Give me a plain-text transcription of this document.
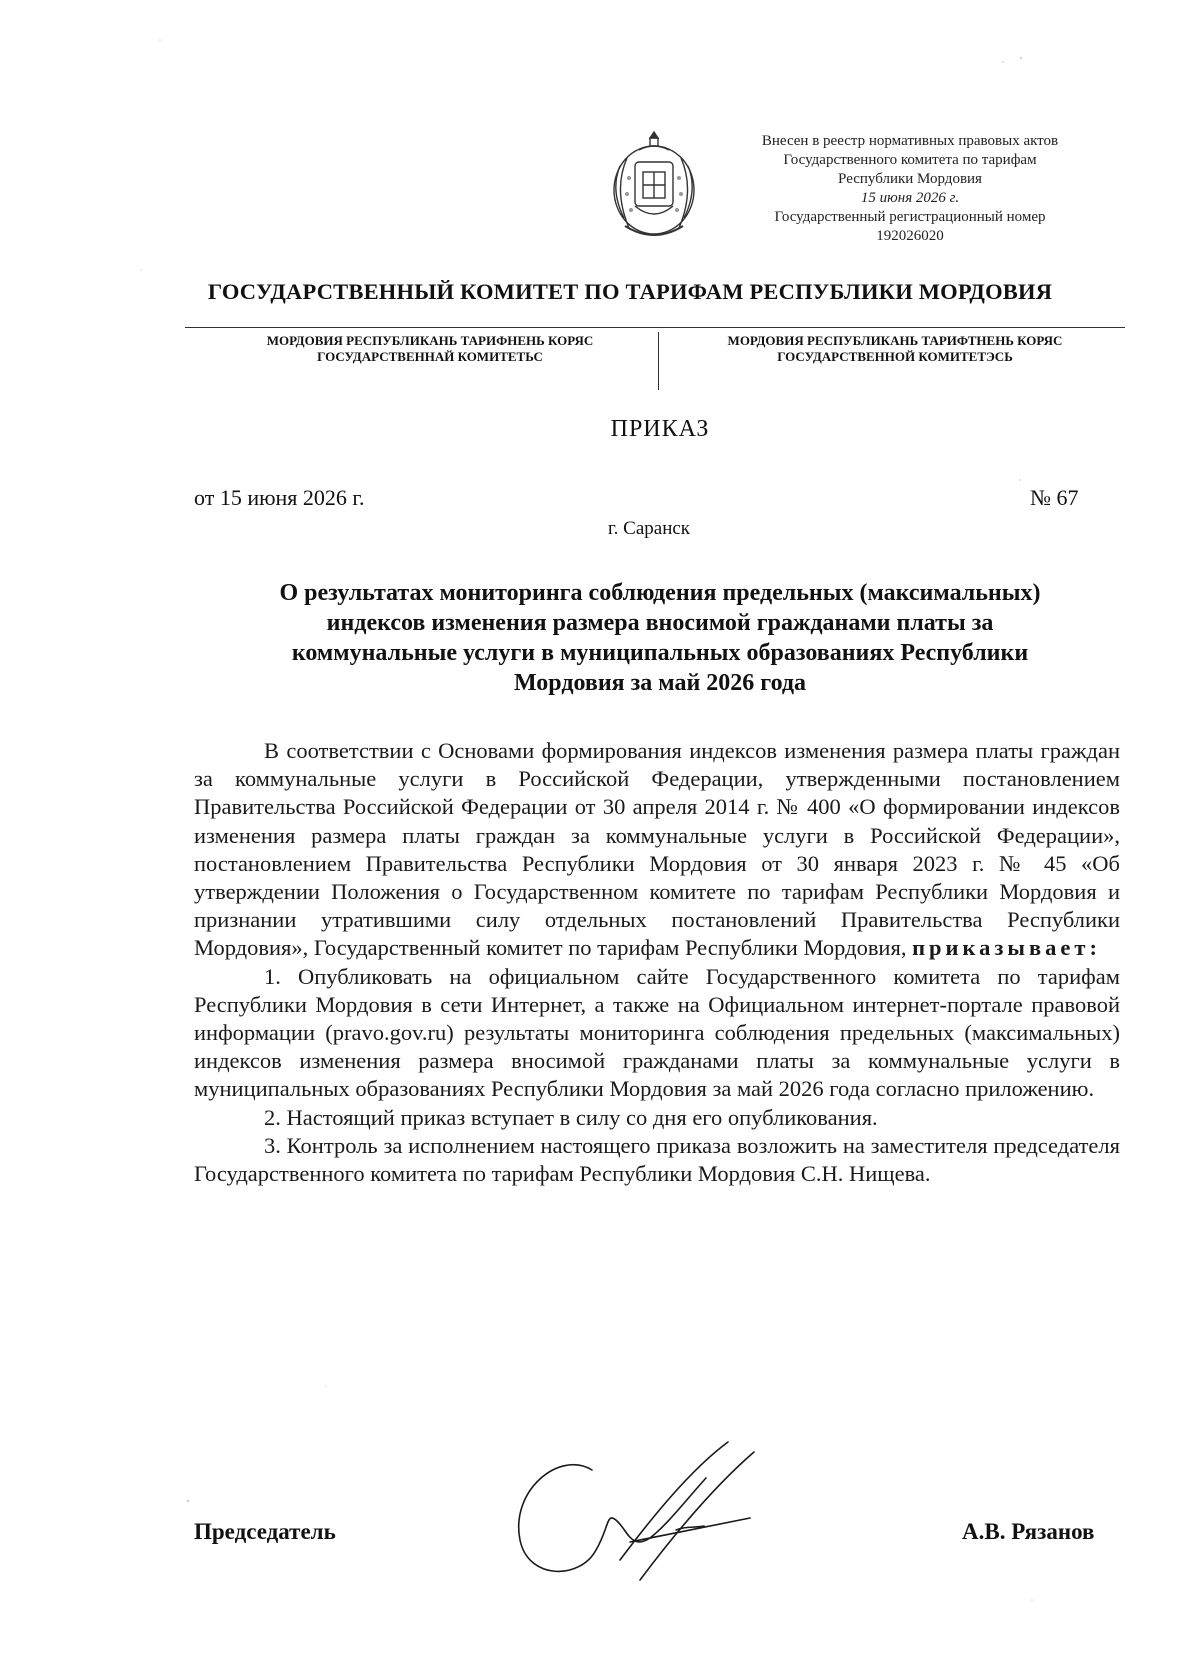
Внесен в реестр нормативных правовых актов
Государственного комитета по тарифам
Республики Мордовия
15 июня 2026 г.
Государственный регистрационный номер
192026020
ГОСУДАРСТВЕННЫЙ КОМИТЕТ ПО ТАРИФАМ РЕСПУБЛИКИ МОРДОВИЯ
МОРДОВИЯ РЕСПУБЛИКАНЬ ТАРИФНЕНЬ КОРЯС
ГОСУДАРСТВЕННАЙ КОМИТЕТЬС
МОРДОВИЯ РЕСПУБЛИКАНЬ ТАРИФТНЕНЬ КОРЯС
ГОСУДАРСТВЕННОЙ КОМИТЕТЭСЬ
ПРИКАЗ
от 15 июня 2026 г.	№ 67
г. Саранск
О результатах мониторинга соблюдения предельных (максимальных)
индексов изменения размера вносимой гражданами платы за
коммунальные услуги в муниципальных образованиях Республики
Мордовия за май 2026 года

В соответствии с Основами формирования индексов изменения размера платы граждан за коммунальные услуги в Российской Федерации, утвержденными постановлением Правительства Российской Федерации от 30 апреля 2014 г. № 400 «О формировании индексов изменения размера платы граждан за коммунальные услуги в Российской Федерации», постановлением Правительства Республики Мордовия от 30 января 2023 г. № 45 «Об утверждении Положения о Государственном комитете по тарифам Республики Мордовия и признании утратившими силу отдельных постановлений Правительства Республики Мордовия», Государственный комитет по тарифам Республики Мордовия, приказывает:

1. Опубликовать на официальном сайте Государственного комитета по тарифам Республики Мордовия в сети Интернет, а также на Официальном интернет-портале правовой информации (pravo.gov.ru) результаты мониторинга соблюдения предельных (максимальных) индексов изменения размера вносимой гражданами платы за коммунальные услуги в муниципальных образованиях Республики Мордовия за май 2026 года согласно приложению.

2. Настоящий приказ вступает в силу со дня его опубликования.

3. Контроль за исполнением настоящего приказа возложить на заместителя председателя Государственного комитета по тарифам Республики Мордовия С.Н. Нищева.

Председатель	А.В. Рязанов
